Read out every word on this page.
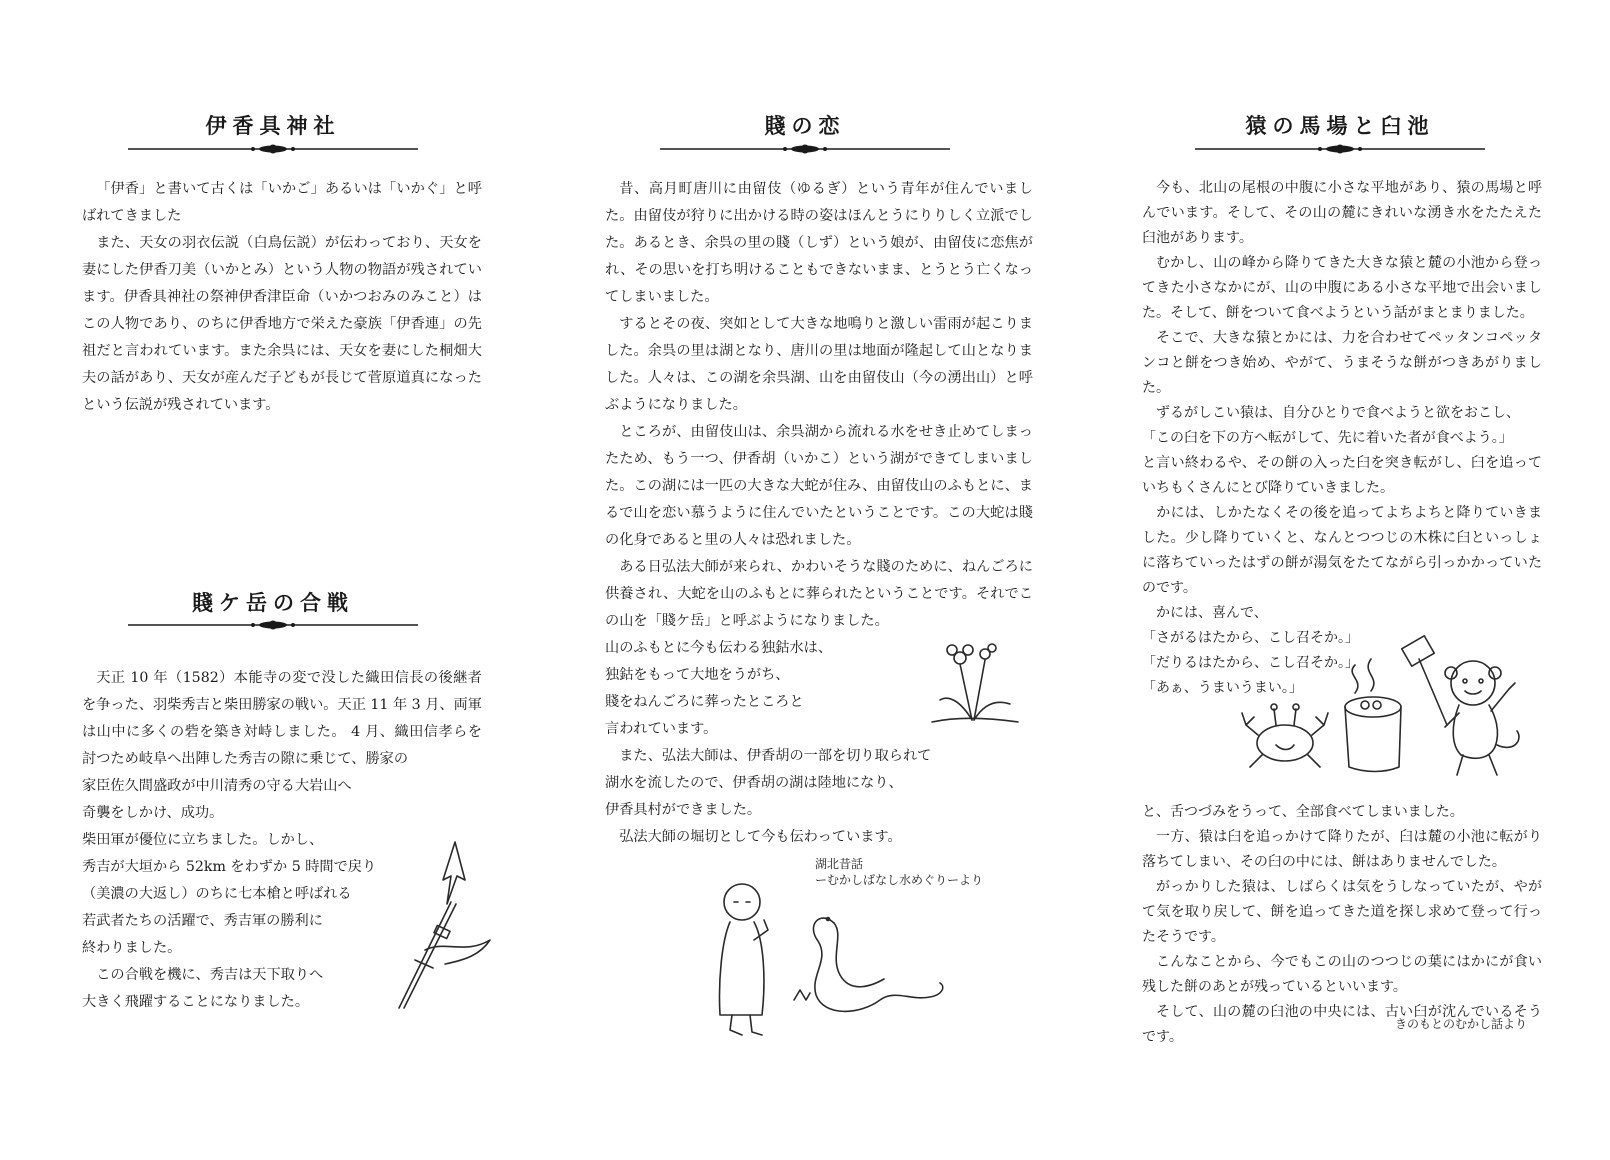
伊香具神社

「伊香」と書いて古くは「いかご」あるいは「いかぐ」と呼ばれてきました

また、天女の羽衣伝説（白鳥伝説）が伝わっており、天女を妻にした伊香刀美（いかとみ）という人物の物語が残されています。伊香具神社の祭神伊香津臣命（いかつおみのみこと）はこの人物であり、のちに伊香地方で栄えた豪族「伊香連」の先祖だと言われています。また余呉には、天女を妻にした桐畑大夫の話があり、天女が産んだ子どもが長じて菅原道真になったという伝説が残されています。

賤ケ岳の合戦

天正 10 年（1582）本能寺の変で没した織田信長の後継者を争った、羽柴秀吉と柴田勝家の戦い。天正 11 年 3 月、両軍は山中に多くの砦を築き対峙しました。 4 月、織田信孝らを討つため岐阜へ出陣した秀吉の隙に乗じて、勝家の

家臣佐久間盛政が中川清秀の守る大岩山へ
奇襲をしかけ、成功。
柴田軍が優位に立ちました。しかし、
秀吉が大垣から 52km をわずか 5 時間で戻り
（美濃の大返し）のちに七本槍と呼ばれる
若武者たちの活躍で、秀吉軍の勝利に
終わりました。
　この合戦を機に、秀吉は天下取りへ
大きく飛躍することになりました。
賤の恋

昔、高月町唐川に由留伎（ゆるぎ）という青年が住んでいました。由留伎が狩りに出かける時の姿はほんとうにりりしく立派でした。あるとき、余呉の里の賤（しず）という娘が、由留伎に恋焦がれ、その思いを打ち明けることもできないまま、とうとう亡くなってしまいました。

するとその夜、突如として大きな地鳴りと激しい雷雨が起こりました。余呉の里は湖となり、唐川の里は地面が隆起して山となりました。人々は、この湖を余呉湖、山を由留伎山（今の湧出山）と呼ぶようになりました。

ところが、由留伎山は、余呉湖から流れる水をせき止めてしまったため、もう一つ、伊香胡（いかこ）という湖ができてしまいました。この湖には一匹の大きな大蛇が住み、由留伎山のふもとに、まるで山を恋い慕うように住んでいたということです。この大蛇は賤の化身であると里の人々は恐れました。

ある日弘法大師が来られ、かわいそうな賤のために、ねんごろに供養され、大蛇を山のふもとに葬られたということです。それでこの山を「賤ケ岳」と呼ぶようになりました。

山のふもとに今も伝わる独鈷水は、
独鈷をもって大地をうがち、
賤をねんごろに葬ったところと
言われています。
　また、弘法大師は、伊香胡の一部を切り取られて
湖水を流したので、伊香胡の湖は陸地になり、
伊香具村ができました。
　弘法大師の堀切として今も伝わっています。
湖北昔話
ーむかしばなし水めぐりーより
猿の馬場と臼池

今も、北山の尾根の中腹に小さな平地があり、猿の馬場と呼んでいます。そして、その山の麓にきれいな湧き水をたたえた臼池があります。

むかし、山の峰から降りてきた大きな猿と麓の小池から登ってきた小さなかにが、山の中腹にある小さな平地で出会いました。そして、餅をついて食べようという話がまとまりました。

そこで、大きな猿とかには、力を合わせてペッタンコペッタンコと餅をつき始め、やがて、うまそうな餅がつきあがりました。

ずるがしこい猿は、自分ひとりで食べようと欲をおこし、

「この臼を下の方へ転がして、先に着いた者が食べよう。」

と言い終わるや、その餅の入った臼を突き転がし、臼を追っていちもくさんにとび降りていきました。

　かには、しかたなくその後を追ってよちよちと降りていきました。少し降りていくと、なんとつつじの木株に臼といっしょに落ちていったはずの餅が湯気をたてながら引っかかっていたのです。

　かには、喜んで、

「さがるはたから、こし召そか。」

「だりるはたから、こし召そか。」

「あぁ、うまいうまい。」

と、舌つづみをうって、全部食べてしまいました。

一方、猿は臼を追っかけて降りたが、臼は麓の小池に転がり落ちてしまい、その臼の中には、餅はありませんでした。

がっかりした猿は、しばらくは気をうしなっていたが、やがて気を取り戻して、餅を追ってきた道を探し求めて登って行ったそうです。

こんなことから、今でもこの山のつつじの葉にはかにが食い残した餅のあとが残っているといいます。

そして、山の麓の臼池の中央には、古い臼が沈んでいるそうです。

きのもとのむかし話より
